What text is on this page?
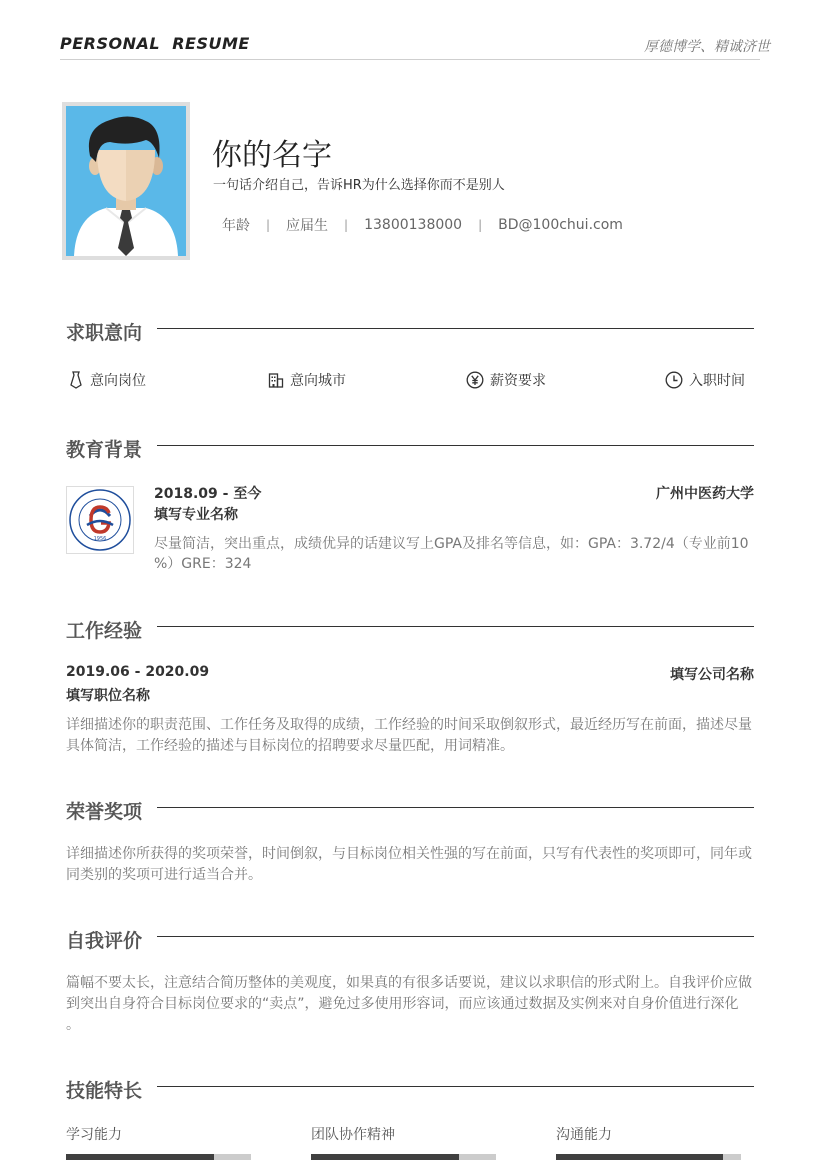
PERSONAL  RESUME	厚德博学、精诚济世
你的名字
一句话介绍自己，告诉HR为什么选择你而不是别人
年龄 | 应届生 | 13800138000 | BD@100chui.com
求职意向
意向岗位	意向城市	薪资要求	入职时间
教育背景
1956
2018.09 - 至今	广州中医药大学
填写专业名称
尽量简洁，突出重点，成绩优异的话建议写上GPA及排名等信息，如：GPA：3.72/4（专业前10
%）GRE：324
工作经验
2019.06 - 2020.09	填写公司名称
填写职位名称
详细描述你的职责范围、工作任务及取得的成绩，工作经验的时间采取倒叙形式，最近经历写在前面，描述尽量
具体简洁，工作经验的描述与目标岗位的招聘要求尽量匹配，用词精准。
荣誉奖项
详细描述你所获得的奖项荣誉，时间倒叙，与目标岗位相关性强的写在前面，只写有代表性的奖项即可，同年或
同类别的奖项可进行适当合并。
自我评价
篇幅不要太长，注意结合简历整体的美观度，如果真的有很多话要说，建议以求职信的形式附上。自我评价应做
到突出自身符合目标岗位要求的“卖点”，避免过多使用形容词，而应该通过数据及实例来对自身价值进行深化
。
技能特长
学习能力	团队协作精神	沟通能力
